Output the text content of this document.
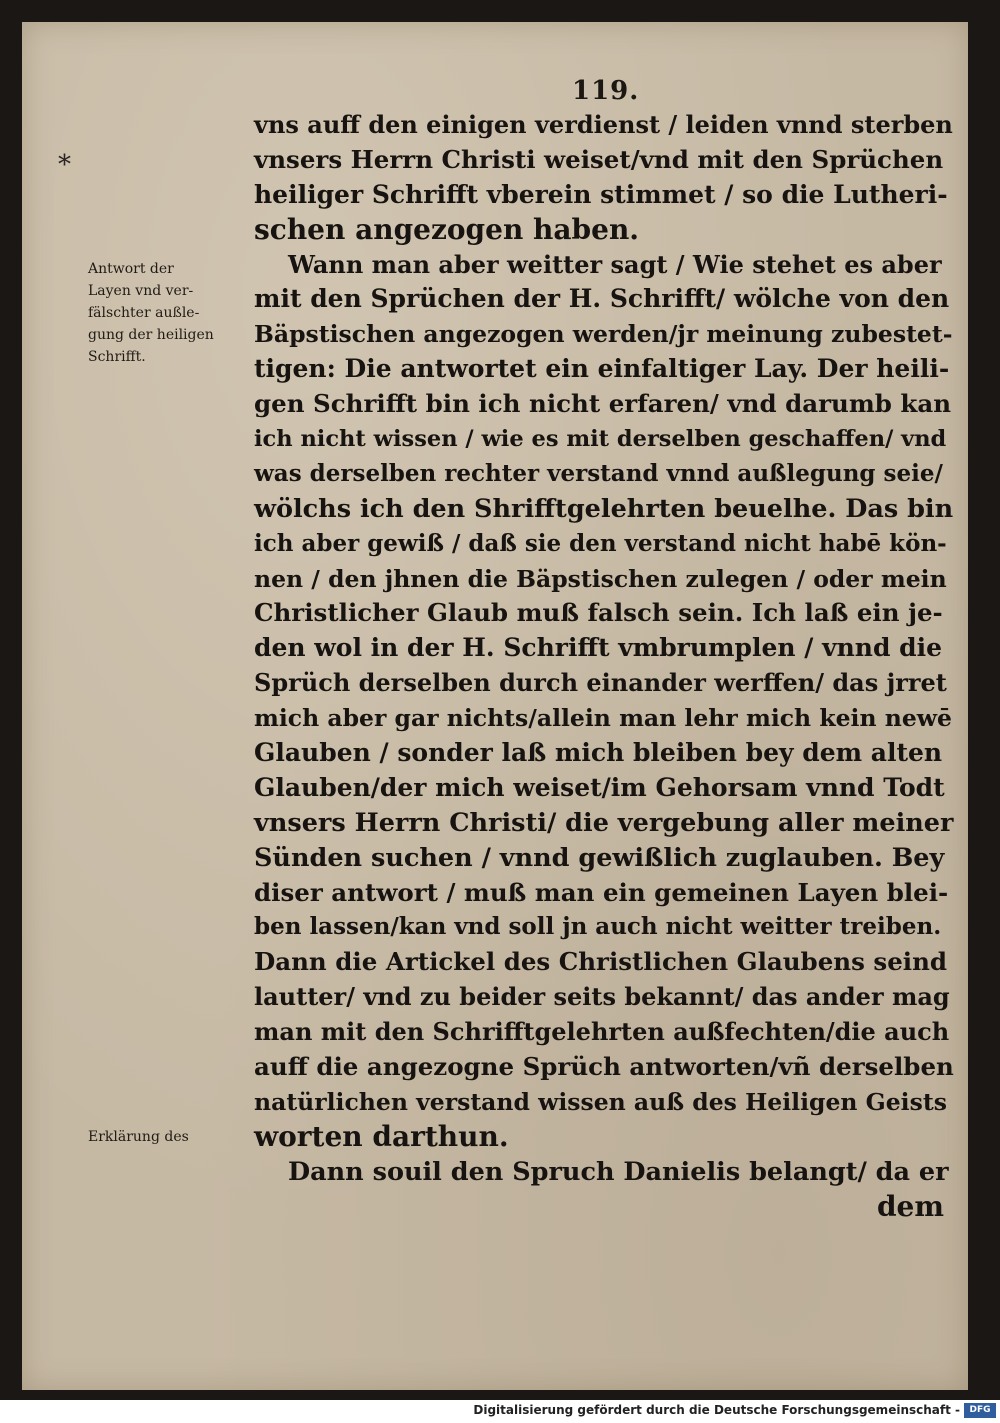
119.
*
Antwort der
Layen vnd ver-
fälschter außle-
gung der heiligen
Schrifft.
Erklärung des
vns auff den einigen verdienst / leiden vnnd sterben
vnsers Herrn Christi weiset/vnd mit den Sprüchen
heiliger Schrifft vberein stimmet / so die Lutheri-
schen angezogen haben.
Wann man aber weitter sagt / Wie stehet es aber
mit den Sprüchen der H. Schrifft/ wölche von den
Bäpstischen angezogen werden/jr meinung zubestet-
tigen: Die antwortet ein einfaltiger Lay. Der heili-
gen Schrifft bin ich nicht erfaren/ vnd darumb kan
ich nicht wissen / wie es mit derselben geschaffen/ vnd
was derselben rechter verstand vnnd außlegung seie/
wölchs ich den Shrifftgelehrten beuelhe. Das bin
ich aber gewiß / daß sie den verstand nicht habē kön-
nen / den jhnen die Bäpstischen zulegen / oder mein
Christlicher Glaub muß falsch sein. Ich laß ein je-
den wol in der H. Schrifft vmbrumplen / vnnd die
Sprüch derselben durch einander werffen/ das jrret
mich aber gar nichts/allein man lehr mich kein newē
Glauben / sonder laß mich bleiben bey dem alten
Glauben/der mich weiset/im Gehorsam vnnd Todt
vnsers Herrn Christi/ die vergebung aller meiner
Sünden suchen / vnnd gewißlich zuglauben. Bey
diser antwort / muß man ein gemeinen Layen blei-
ben lassen/kan vnd soll jn auch nicht weitter treiben.
Dann die Artickel des Christlichen Glaubens seind
lautter/ vnd zu beider seits bekannt/ das ander mag
man mit den Schrifftgelehrten außfechten/die auch
auff die angezogne Sprüch antworten/vñ derselben
natürlichen verstand wissen auß des Heiligen Geists
worten darthun.
Dann souil den Spruch Danielis belangt/ da er
dem
Digitalisierung gefördert durch die Deutsche Forschungsgemeinschaft -	DFG
